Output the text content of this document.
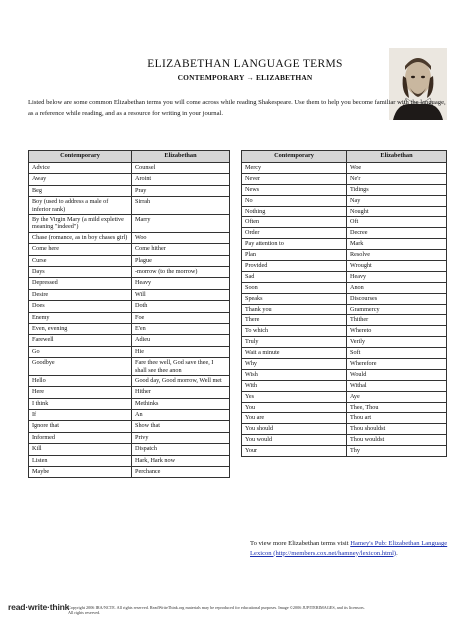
ELIZABETHAN LANGUAGE TERMS
CONTEMPORARY → ELIZABETHAN
Listed below are some common Elizabethan terms you will come across while reading Shakespeare. Use them to help you become familiar with the language, as a reference while reading, and as a resource for writing in your journal.
Contemporary	Elizabethan
Advice	Counsel
Away	Aroint
Beg	Pray
Boy (used to address a male of inferior rank)	Sirrah
By the Virgin Mary (a mild expletive meaning "indeed")	Marry
Chase (romance, as in boy chases girl)	Woo
Come here	Come hither
Curse	Plague
Days	-morrow (to the morrow)
Depressed	Heavy
Desire	Will
Does	Doth
Enemy	Foe
Even, evening	E'en
Farewell	Adieu
Go	Hie
Goodbye	Fare thee well, God save thee, I shall see thee anon
Hello	Good day, Good morrow, Well met
Here	Hither
I think	Methinks
If	An
Ignore that	Show that
Informed	Privy
Kill	Dispatch
Listen	Hark, Hark now
Maybe	Perchance
Contemporary	Elizabethan
Mercy	Woe
Never	Ne'r
News	Tidings
No	Nay
Nothing	Nought
Often	Oft
Order	Decree
Pay attention to	Mark
Plan	Resolve
Provided	Wrought
Sad	Heavy
Soon	Anon
Speaks	Discourses
Thank you	Grammercy
There	Thither
To which	Whereto
Truly	Verily
Wait a minute	Soft
Why	Wherefore
Wish	Would
With	Withal
Yes	Aye
You	Thee, Thou
You are	Thou art
You should	Thou shouldst
You would	Thou wouldst
Your	Thy
To view more Elizabethan terms visit Hamey's Pub: Elizabethan Language Lexicon (http://members.cox.net/hamney/lexicon.html).
read·write·think
Copyright 2006 IRA/NCTE. All rights reserved. ReadWriteThink.org materials may be reproduced for educational purposes. Image ©2006 JUPITERIMAGES, and its licensors. All rights reserved.
